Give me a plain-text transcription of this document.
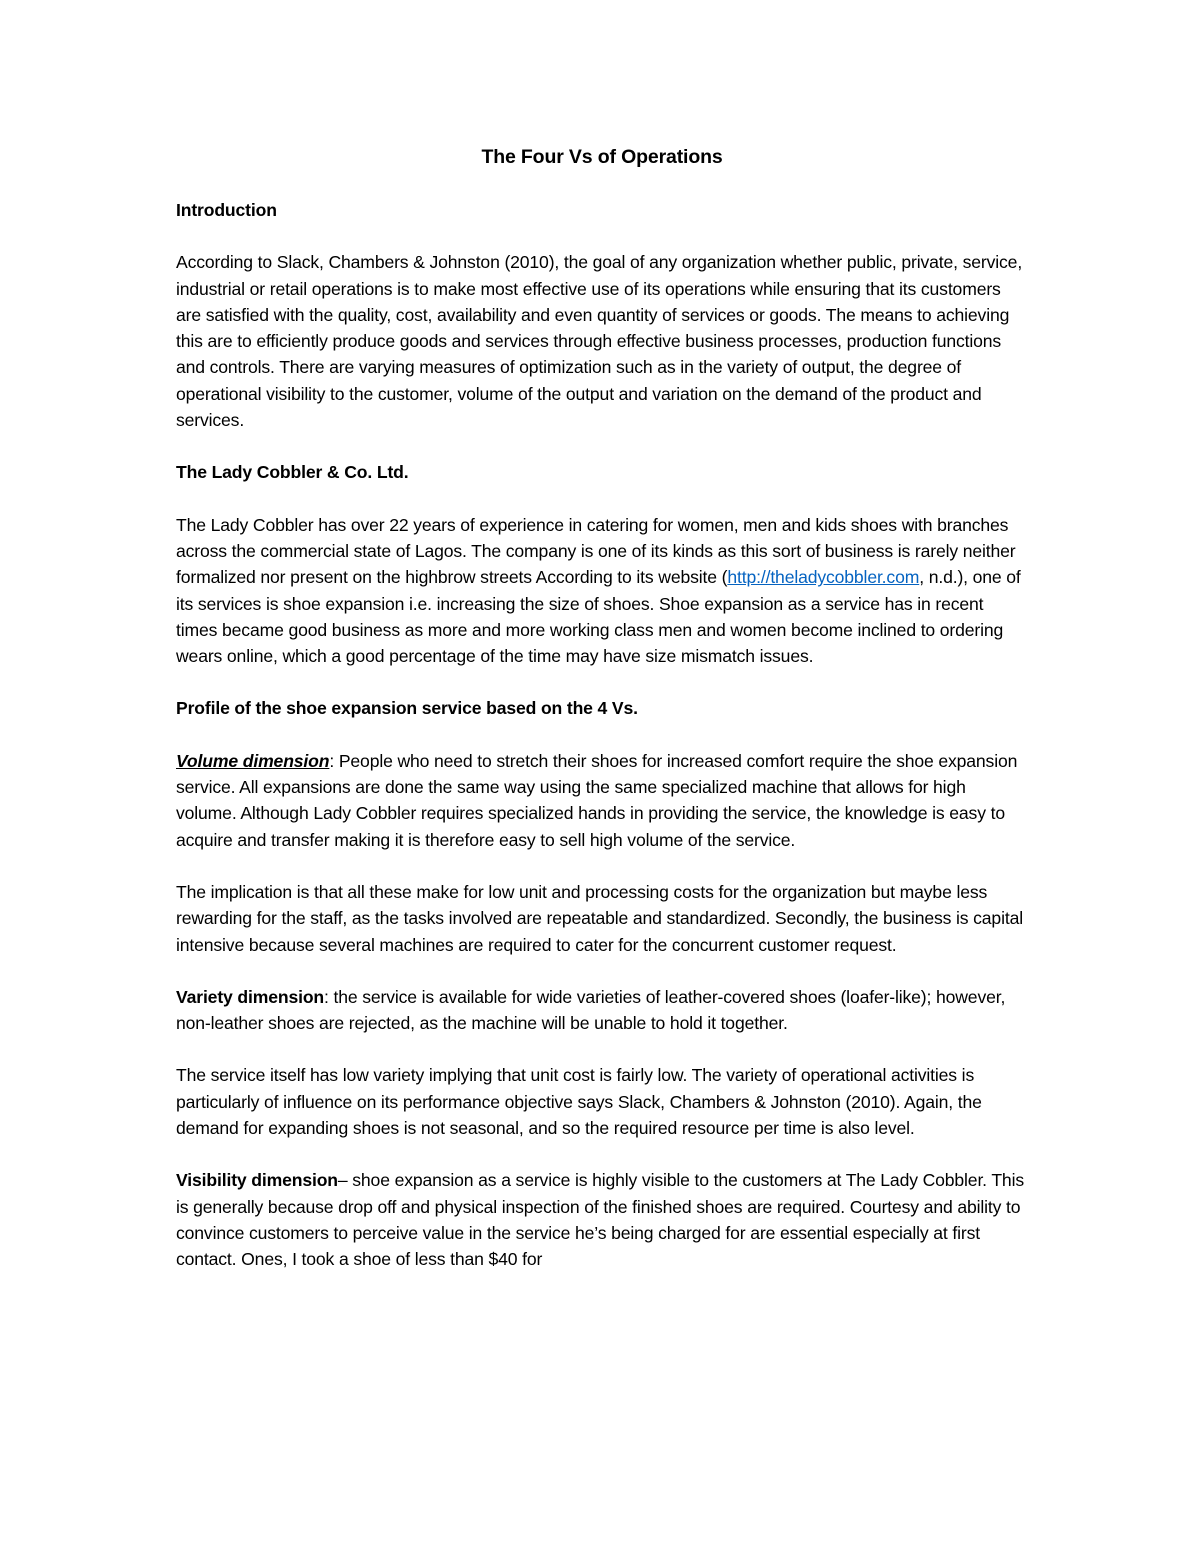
The Four Vs of Operations
Introduction

According to Slack, Chambers & Johnston (2010), the goal of any organization whether public, private, service, industrial or retail operations is to make most effective use of its operations while ensuring that its customers are satisfied with the quality, cost, availability and even quantity of services or goods. The means to achieving this are to efficiently produce goods and services through effective business processes, production functions and controls. There are varying measures of optimization such as in the variety of output, the degree of operational visibility to the customer, volume of the output and variation on the demand of the product and services.

The Lady Cobbler & Co. Ltd.

The Lady Cobbler has over 22 years of experience in catering for women, men and kids shoes with branches across the commercial state of Lagos. The company is one of its kinds as this sort of business is rarely neither formalized nor present on the highbrow streets According to its website (http://theladycobbler.com, n.d.), one of its services is shoe expansion i.e. increasing the size of shoes. Shoe expansion as a service has in recent times became good business as more and more working class men and women become inclined to ordering wears online, which a good percentage of the time may have size mismatch issues.

Profile of the shoe expansion service based on the 4 Vs.

Volume dimension: People who need to stretch their shoes for increased comfort require the shoe expansion service. All expansions are done the same way using the same specialized machine that allows for high volume. Although Lady Cobbler requires specialized hands in providing the service, the knowledge is easy to acquire and transfer making it is therefore easy to sell high volume of the service.

The implication is that all these make for low unit and processing costs for the organization but maybe less rewarding for the staff, as the tasks involved are repeatable and standardized. Secondly, the business is capital intensive because several machines are required to cater for the concurrent customer request.

Variety dimension: the service is available for wide varieties of leather-covered shoes (loafer-like); however, non-leather shoes are rejected, as the machine will be unable to hold it together.

The service itself has low variety implying that unit cost is fairly low. The variety of operational activities is particularly of influence on its performance objective says Slack, Chambers & Johnston (2010). Again, the demand for expanding shoes is not seasonal, and so the required resource per time is also level.

Visibility dimension– shoe expansion as a service is highly visible to the customers at The Lady Cobbler. This is generally because drop off and physical inspection of the finished shoes are required. Courtesy and ability to convince customers to perceive value in the service he’s being charged for are essential especially at first contact. Ones, I took a shoe of less than $40 for
